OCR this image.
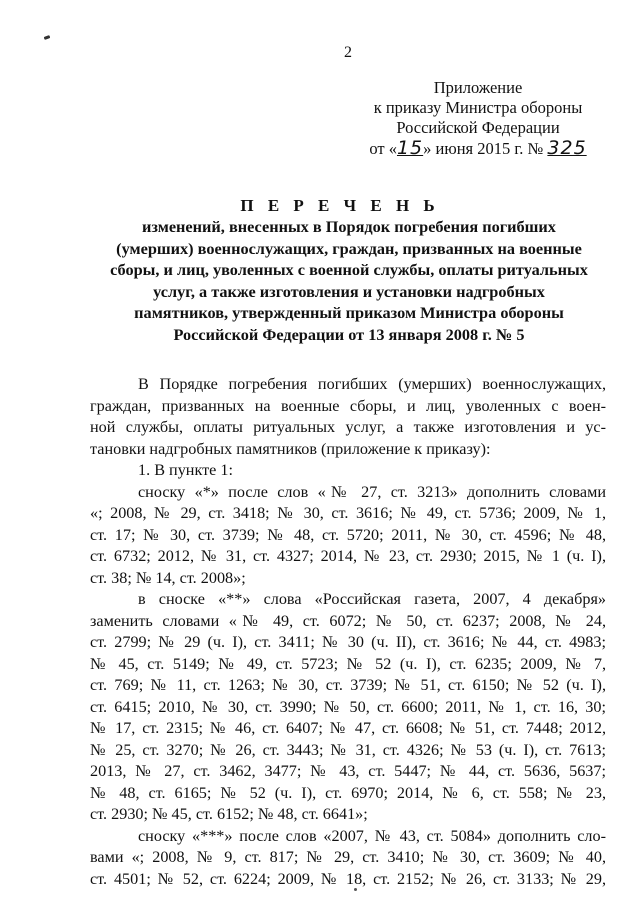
2
Приложение
к приказу Министра обороны
Российской Федерации
от «15» июня 2015 г. № 325
П Е Р Е Ч Е Н Ь
изменений, внесенных в Порядок погребения погибших
(умерших) военнослужащих, граждан, призванных на военные
сборы, и лиц, уволенных с военной службы, оплаты ритуальных
услуг, а также изготовления и установки надгробных
памятников, утвержденный приказом Министра обороны
Российской Федерации от 13 января 2008 г. № 5
В Порядке погребения погибших (умерших) военнослужащих,
граждан, призванных на военные сборы, и лиц, уволенных с воен-
ной службы, оплаты ритуальных услуг, а также изготовления и ус-
тановки надгробных памятников (приложение к приказу):
1. В пункте 1:
сноску «*» после слов «№ 27, ст. 3213» дополнить словами
«; 2008, № 29, ст. 3418; № 30, ст. 3616; № 49, ст. 5736; 2009, № 1,
ст. 17; № 30, ст. 3739; № 48, ст. 5720; 2011, № 30, ст. 4596; № 48,
ст. 6732; 2012, № 31, ст. 4327; 2014, № 23, ст. 2930; 2015, № 1 (ч. I),
ст. 38; № 14, ст. 2008»;
в сноске «**» слова «Российская газета, 2007, 4 декабря»
заменить словами «№ 49, ст. 6072; № 50, ст. 6237; 2008, № 24,
ст. 2799; № 29 (ч. I), ст. 3411; № 30 (ч. II), ст. 3616; № 44, ст. 4983;
№ 45, ст. 5149; № 49, ст. 5723; № 52 (ч. I), ст. 6235; 2009, № 7,
ст. 769; № 11, ст. 1263; № 30, ст. 3739; № 51, ст. 6150; № 52 (ч. I),
ст. 6415; 2010, № 30, ст. 3990; № 50, ст. 6600; 2011, № 1, ст. 16, 30;
№ 17, ст. 2315; № 46, ст. 6407; № 47, ст. 6608; № 51, ст. 7448; 2012,
№ 25, ст. 3270; № 26, ст. 3443; № 31, ст. 4326; № 53 (ч. I), ст. 7613;
2013, № 27, ст. 3462, 3477; № 43, ст. 5447; № 44, ст. 5636, 5637;
№ 48, ст. 6165; № 52 (ч. I), ст. 6970; 2014, № 6, ст. 558; № 23,
ст. 2930; № 45, ст. 6152; № 48, ст. 6641»;
сноску «***» после слов «2007, № 43, ст. 5084» дополнить сло-
вами «; 2008, № 9, ст. 817; № 29, ст. 3410; № 30, ст. 3609; № 40,
ст. 4501; № 52, ст. 6224; 2009, № 18, ст. 2152; № 26, ст. 3133; № 29,
